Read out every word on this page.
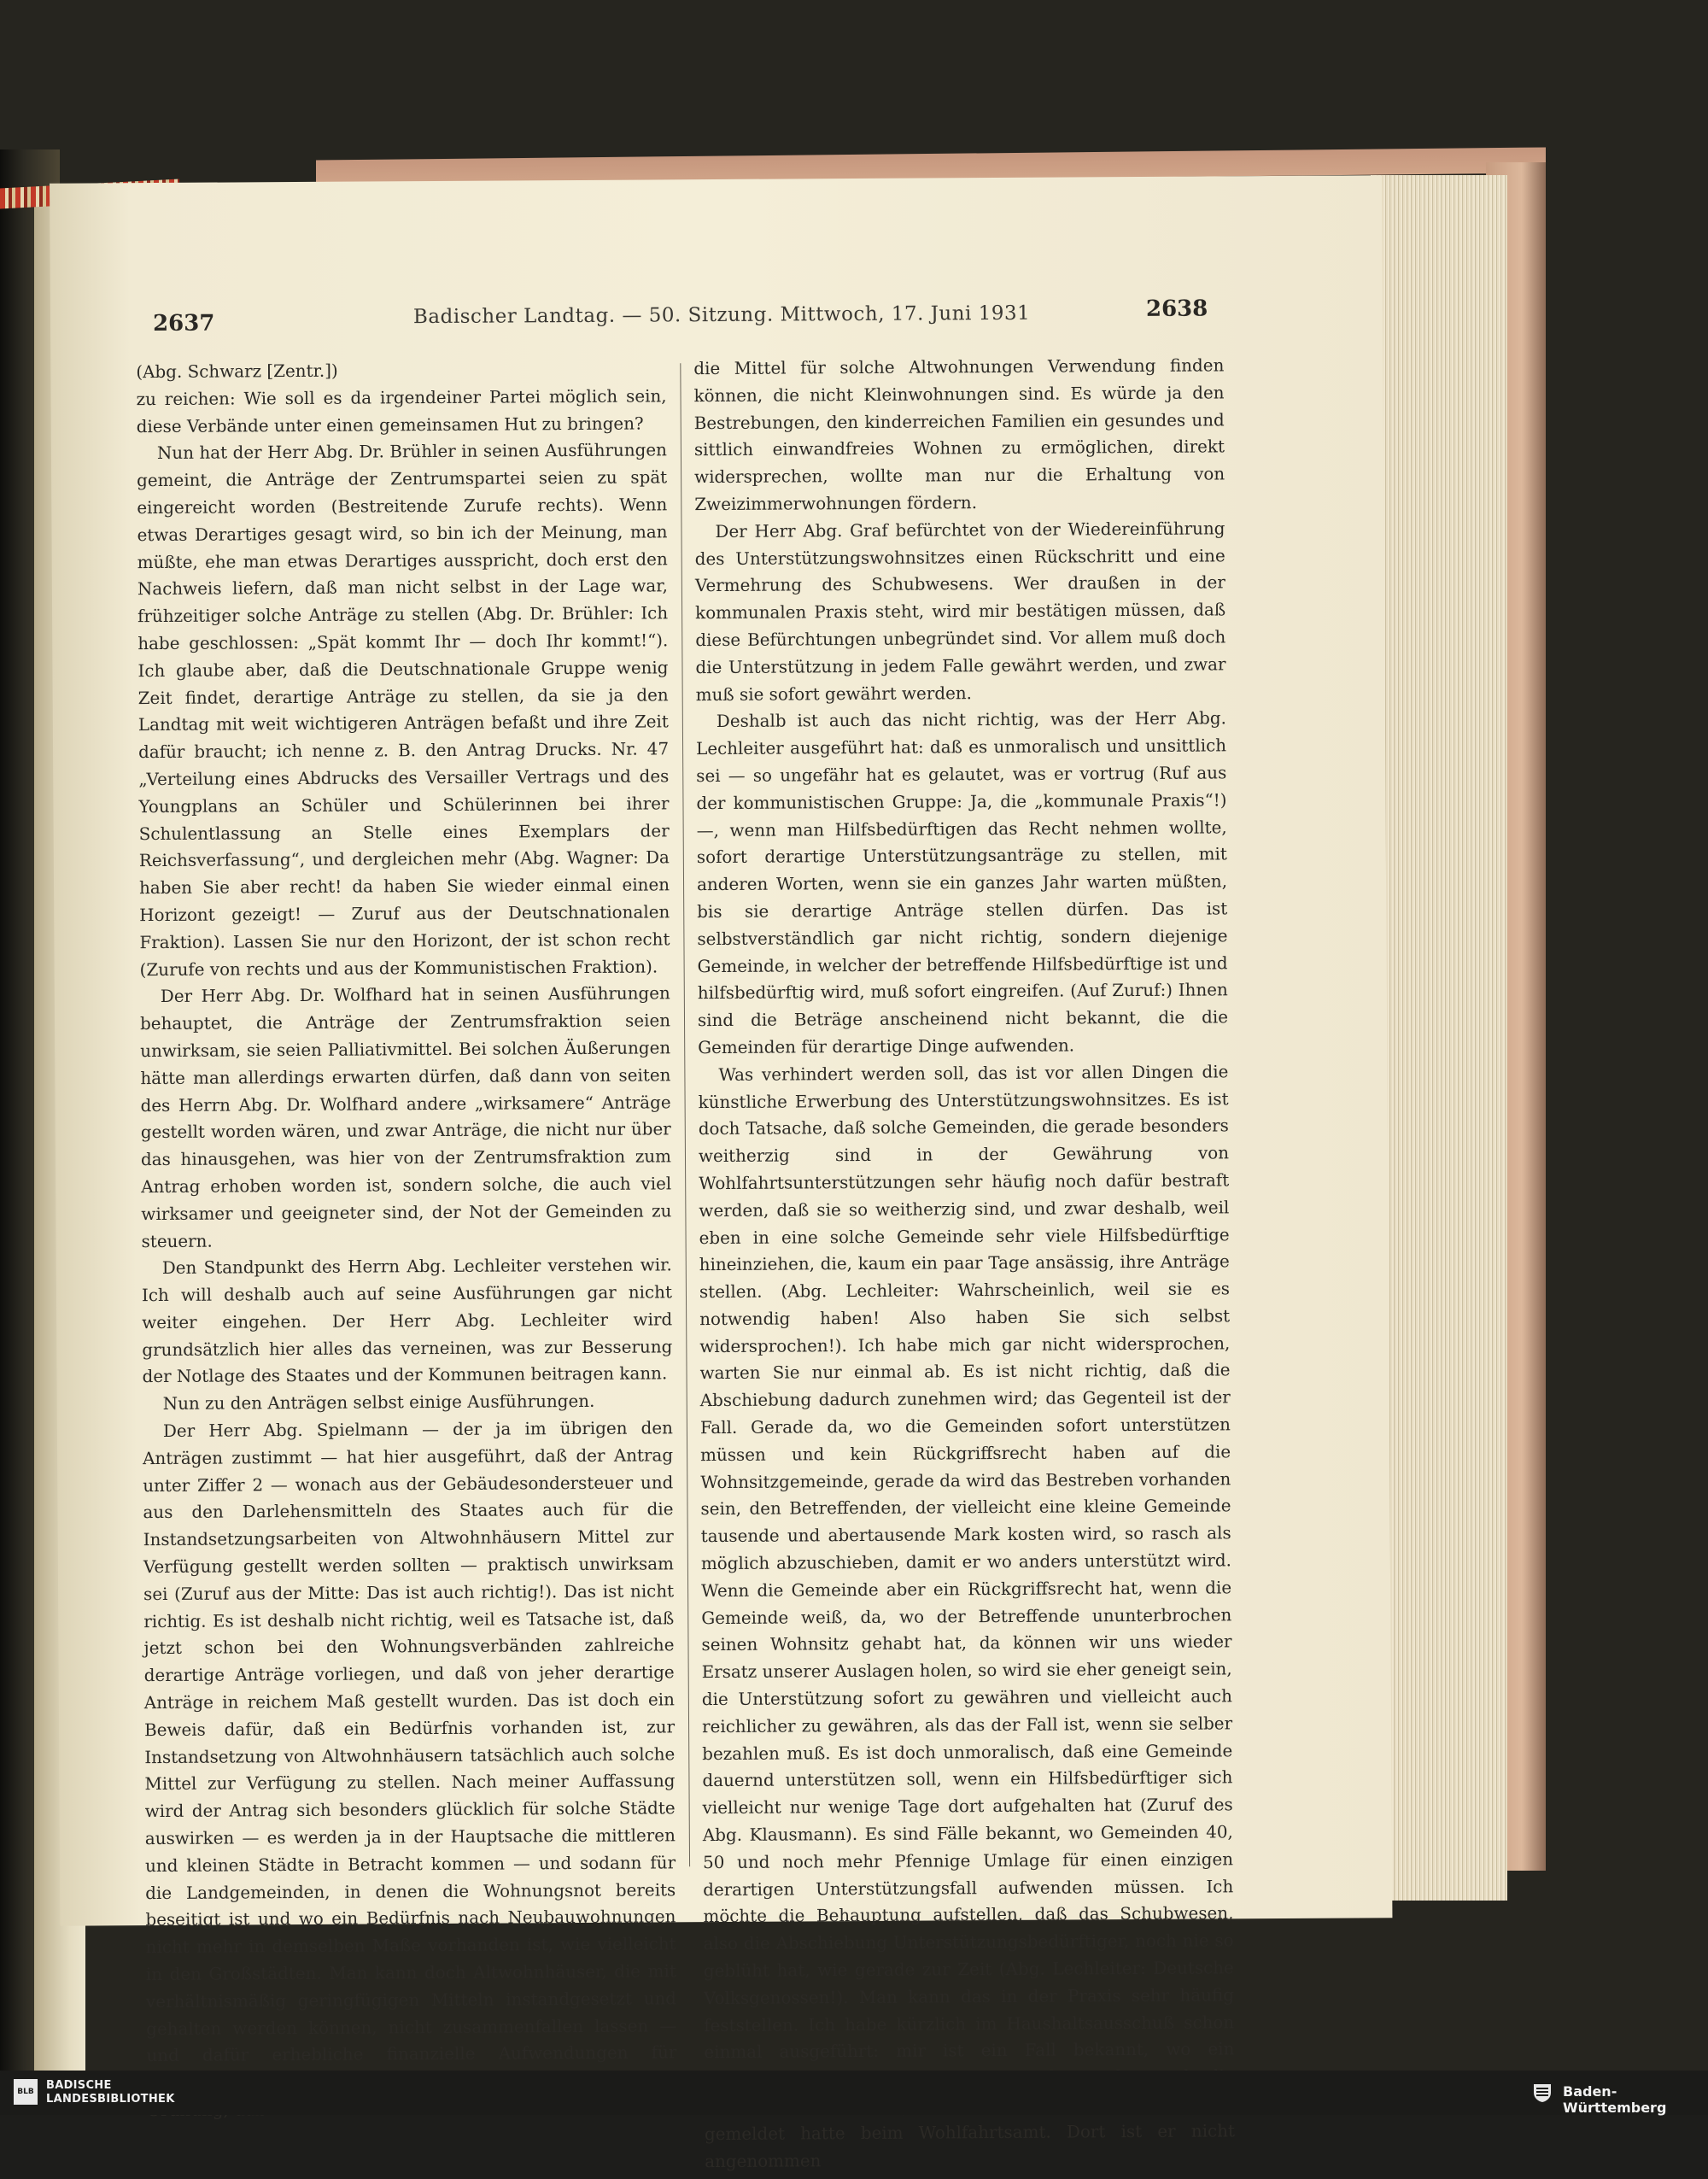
2637	Badischer Landtag. — 50. Sitzung. Mittwoch, 17. Juni 1931	2638

(Abg. Schwarz [Zentr.])

zu reichen: Wie soll es da irgendeiner Partei möglich sein, diese Verbände unter einen gemeinsamen Hut zu bringen?

Nun hat der Herr Abg. Dr. Brühler in seinen Ausführungen gemeint, die Anträge der Zentrumspartei seien zu spät eingereicht worden (Bestreitende Zurufe rechts). Wenn etwas Derartiges gesagt wird, so bin ich der Meinung, man müßte, ehe man etwas Derartiges ausspricht, doch erst den Nachweis liefern, daß man nicht selbst in der Lage war, frühzeitiger solche Anträge zu stellen (Abg. Dr. Brühler: Ich habe geschlossen: „Spät kommt Ihr — doch Ihr kommt!“). Ich glaube aber, daß die Deutschnationale Gruppe wenig Zeit findet, derartige Anträge zu stellen, da sie ja den Landtag mit weit wichtigeren Anträgen befaßt und ihre Zeit dafür braucht; ich nenne z. B. den Antrag Drucks. Nr. 47 „Verteilung eines Abdrucks des Versailler Vertrags und des Youngplans an Schüler und Schülerinnen bei ihrer Schulentlassung an Stelle eines Exemplars der Reichsverfassung“, und dergleichen mehr (Abg. Wagner: Da haben Sie aber recht! da haben Sie wieder einmal einen Horizont gezeigt! — Zuruf aus der Deutschnationalen Fraktion). Lassen Sie nur den Horizont, der ist schon recht (Zurufe von rechts und aus der Kommunistischen Fraktion).

Der Herr Abg. Dr. Wolfhard hat in seinen Ausführungen behauptet, die Anträge der Zentrumsfraktion seien unwirksam, sie seien Palliativmittel. Bei solchen Äußerungen hätte man allerdings erwarten dürfen, daß dann von seiten des Herrn Abg. Dr. Wolfhard andere „wirksamere“ Anträge gestellt worden wären, und zwar Anträge, die nicht nur über das hinausgehen, was hier von der Zentrumsfraktion zum Antrag erhoben worden ist, sondern solche, die auch viel wirksamer und geeigneter sind, der Not der Gemeinden zu steuern.

Den Standpunkt des Herrn Abg. Lechleiter verstehen wir. Ich will deshalb auch auf seine Ausführungen gar nicht weiter eingehen. Der Herr Abg. Lechleiter wird grundsätzlich hier alles das verneinen, was zur Besserung der Notlage des Staates und der Kommunen beitragen kann.

Nun zu den Anträgen selbst einige Ausführungen.

Der Herr Abg. Spielmann — der ja im übrigen den Anträgen zustimmt — hat hier ausgeführt, daß der Antrag unter Ziffer 2 — wonach aus der Gebäudesondersteuer und aus den Darlehensmitteln des Staates auch für die Instandsetzungsarbeiten von Altwohnhäusern Mittel zur Verfügung gestellt werden sollten — praktisch unwirksam sei (Zuruf aus der Mitte: Das ist auch richtig!). Das ist nicht richtig. Es ist deshalb nicht richtig, weil es Tatsache ist, daß jetzt schon bei den Wohnungsverbänden zahlreiche derartige Anträge vorliegen, und daß von jeher derartige Anträge in reichem Maß gestellt wurden. Das ist doch ein Beweis dafür, daß ein Bedürfnis vorhanden ist, zur Instandsetzung von Altwohnhäusern tatsächlich auch solche Mittel zur Verfügung zu stellen. Nach meiner Auffassung wird der Antrag sich besonders glücklich für solche Städte auswirken — es werden ja in der Hauptsache die mittleren und kleinen Städte in Betracht kommen — und sodann für die Landgemeinden, in denen die Wohnungsnot bereits beseitigt ist und wo ein Bedürfnis nach Neubauwohnungen nicht mehr in demselben Maße vorhanden ist, wie vielleicht in den Großstädten. Man kann doch Altwohnhäuser, die mit verhältnismäßig geringfügigen Mitteln instandgesetzt und gehalten werden können, nicht zusammenfallen lassen — und dafür erhebliche finanzielle Aufwendungen für

die Mittel für solche Altwohnungen Verwendung finden können, die nicht Kleinwohnungen sind. Es würde ja den Bestrebungen, den kinderreichen Familien ein gesundes und sittlich einwandfreies Wohnen zu ermöglichen, direkt widersprechen, wollte man nur die Erhaltung von Zweizimmerwohnungen fördern.

Der Herr Abg. Graf befürchtet von der Wiedereinführung des Unterstützungswohnsitzes einen Rückschritt und eine Vermehrung des Schubwesens. Wer draußen in der kommunalen Praxis steht, wird mir bestätigen müssen, daß diese Befürchtungen unbegründet sind. Vor allem muß doch die Unterstützung in jedem Falle gewährt werden, und zwar muß sie sofort gewährt werden.

Deshalb ist auch das nicht richtig, was der Herr Abg. Lechleiter ausgeführt hat: daß es unmoralisch und unsittlich sei — so ungefähr hat es gelautet, was er vortrug (Ruf aus der kommunistischen Gruppe: Ja, die „kommunale Praxis“!) —, wenn man Hilfsbedürftigen das Recht nehmen wollte, sofort derartige Unterstützungsanträge zu stellen, mit anderen Worten, wenn sie ein ganzes Jahr warten müßten, bis sie derartige Anträge stellen dürfen. Das ist selbstverständlich gar nicht richtig, sondern diejenige Gemeinde, in welcher der betreffende Hilfsbedürftige ist und hilfsbedürftig wird, muß sofort eingreifen. (Auf Zuruf:) Ihnen sind die Beträge anscheinend nicht bekannt, die die Gemeinden für derartige Dinge aufwenden.

Was verhindert werden soll, das ist vor allen Dingen die künstliche Erwerbung des Unterstützungswohnsitzes. Es ist doch Tatsache, daß solche Gemeinden, die gerade besonders weitherzig sind in der Gewährung von Wohlfahrtsunterstützungen sehr häufig noch dafür bestraft werden, daß sie so weitherzig sind, und zwar deshalb, weil eben in eine solche Gemeinde sehr viele Hilfsbedürftige hineinziehen, die, kaum ein paar Tage ansässig, ihre Anträge stellen. (Abg. Lechleiter: Wahrscheinlich, weil sie es notwendig haben! Also haben Sie sich selbst widersprochen!). Ich habe mich gar nicht widersprochen, warten Sie nur einmal ab. Es ist nicht richtig, daß die Abschiebung dadurch zunehmen wird; das Gegenteil ist der Fall. Gerade da, wo die Gemeinden sofort unterstützen müssen und kein Rückgriffsrecht haben auf die Wohnsitzgemeinde, gerade da wird das Bestreben vorhanden sein, den Betreffenden, der vielleicht eine kleine Gemeinde tausende und abertausende Mark kosten wird, so rasch als möglich abzuschieben, damit er wo anders unterstützt wird. Wenn die Gemeinde aber ein Rückgriffsrecht hat, wenn die Gemeinde weiß, da, wo der Betreffende ununterbrochen seinen Wohnsitz gehabt hat, da können wir uns wieder Ersatz unserer Auslagen holen, so wird sie eher geneigt sein, die Unterstützung sofort zu gewähren und vielleicht auch reichlicher zu gewähren, als das der Fall ist, wenn sie selber bezahlen muß. Es ist doch unmoralisch, daß eine Gemeinde dauernd unterstützen soll, wenn ein Hilfsbedürftiger sich vielleicht nur wenige Tage dort aufgehalten hat (Zuruf des Abg. Klausmann). Es sind Fälle bekannt, wo Gemeinden 40, 50 und noch mehr Pfennige Umlage für einen einzigen derartigen Unterstützungsfall aufwenden müssen. Ich möchte die Behauptung aufstellen, daß das Schubwesen, also die Abschiebung Unterstützungsbedürftiger, noch nie so geblüht hat, wie gerade zur Zeit (Abg. Lechleiter: Deutsche Volksgenossen!). Man kann das in der Praxis sehr häufig feststellen. Ich habe kürzlich im Haushaltsausschuß schon einmal ausgeführt: mir ist ein Fall bekannt, wo ein gemeldet hatte beim Wohlfahrtsamt. Dort ist er nicht angenommen

BLB	BADISCHE
LANDESBIBLIOTHEK	Baden-Württemberg
